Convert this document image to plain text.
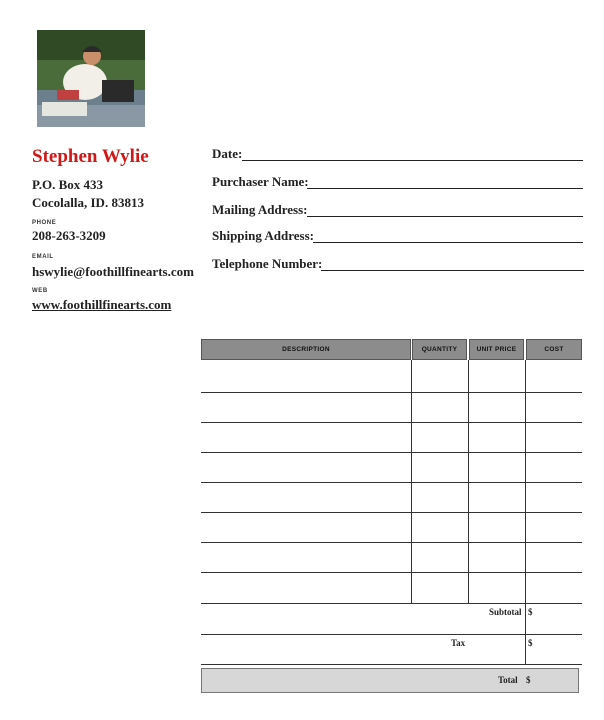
Stephen Wylie
P.O. Box 433
Cocolalla, ID. 83813
PHONE
208-263-3209
EMAIL
hswylie@foothillfinearts.com
WEB
www.foothillfinearts.com
Date:
Purchaser Name:
Mailing Address:
Shipping Address:
Telephone Number:
DESCRIPTION	QUANTITY	UNIT PRICE	COST
Subtotal $
Tax	$
Total $
